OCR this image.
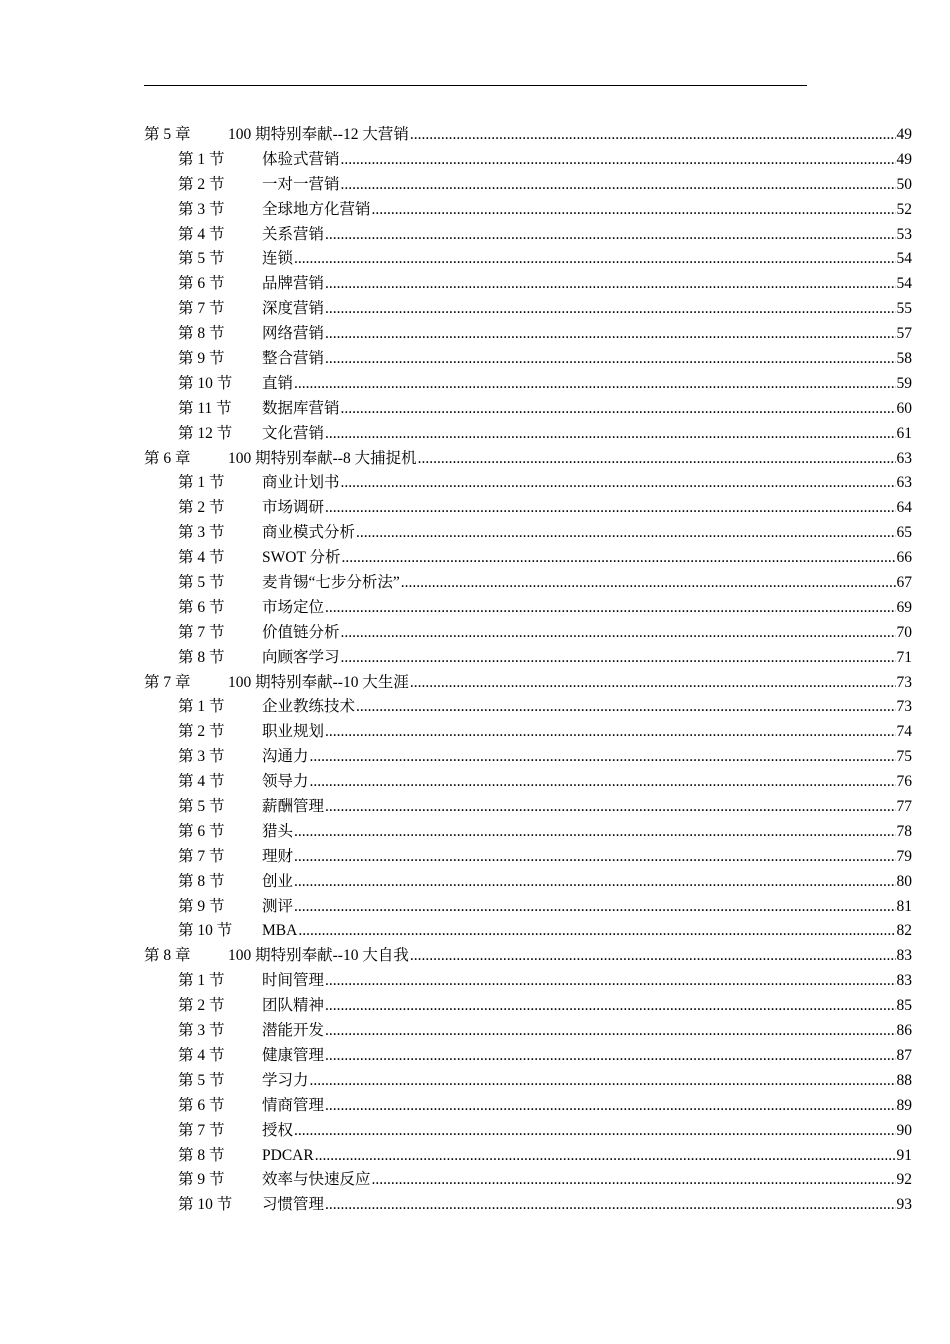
第 5 章	100 期特别奉献--12 大营销 .....	49
第 1 节	体验式营销 .....	49
第 2 节	一对一营销 .....	50
第 3 节	全球地方化营销 .....	52
第 4 节	关系营销 .....	53
第 5 节	连锁 .....	54
第 6 节	品牌营销 .....	54
第 7 节	深度营销 .....	55
第 8 节	网络营销 .....	57
第 9 节	整合营销 .....	58
第 10 节	直销 .....	59
第 11 节	数据库营销 .....	60
第 12 节	文化营销 .....	61
第 6 章	100 期特别奉献--8 大捕捉机 .....	63
第 1 节	商业计划书 .....	63
第 2 节	市场调研 .....	64
第 3 节	商业模式分析 .....	65
第 4 节	SWOT 分析 .....	66
第 5 节	麦肯锡“七步分析法” .....	67
第 6 节	市场定位 .....	69
第 7 节	价值链分析 .....	70
第 8 节	向顾客学习 .....	71
第 7 章	100 期特别奉献--10 大生涯 .....	73
第 1 节	企业教练技术 .....	73
第 2 节	职业规划 .....	74
第 3 节	沟通力 .....	75
第 4 节	领导力 .....	76
第 5 节	薪酬管理 .....	77
第 6 节	猎头 .....	78
第 7 节	理财 .....	79
第 8 节	创业 .....	80
第 9 节	测评 .....	81
第 10 节	MBA .....	82
第 8 章	100 期特别奉献--10 大自我 .....	83
第 1 节	时间管理 .....	83
第 2 节	团队精神 .....	85
第 3 节	潜能开发 .....	86
第 4 节	健康管理 .....	87
第 5 节	学习力 .....	88
第 6 节	情商管理 .....	89
第 7 节	授权 .....	90
第 8 节	PDCAR .....	91
第 9 节	效率与快速反应 .....	92
第 10 节	习惯管理 .....	93
